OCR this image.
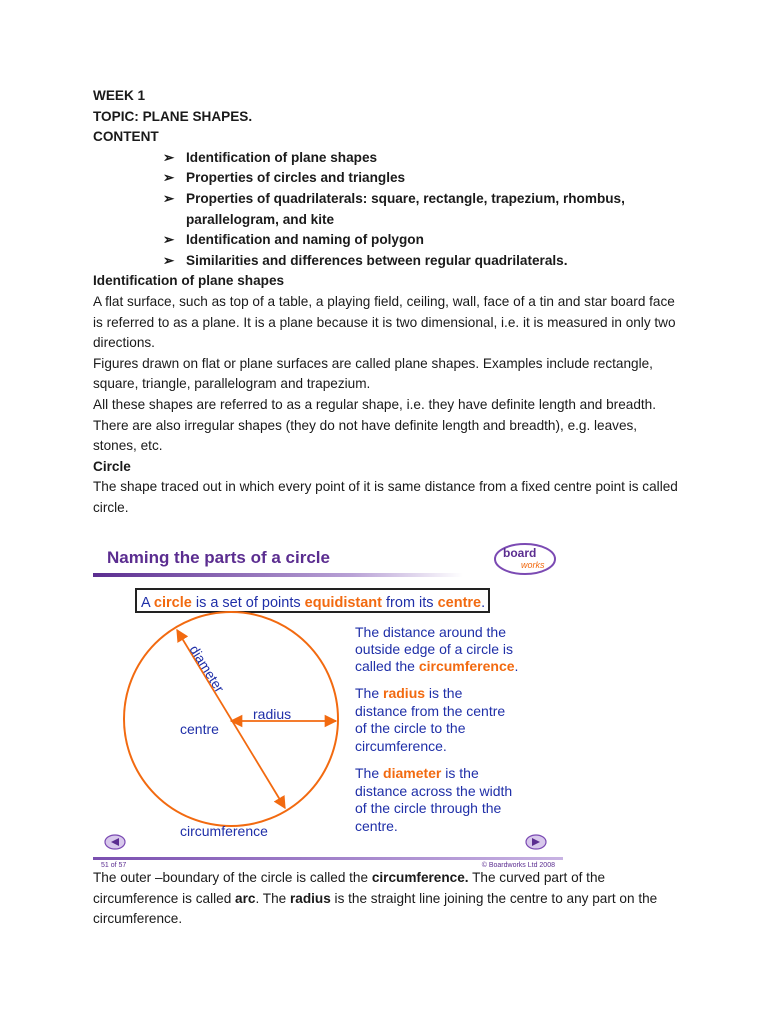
WEEK 1
TOPIC: PLANE SHAPES.
CONTENT
➢ Identification of plane shapes
➢ Properties of circles and triangles
➢ Properties of quadrilaterals: square, rectangle, trapezium, rhombus,
parallelogram, and kite
➢ Identification and naming of polygon
➢ Similarities and differences between regular quadrilaterals.
Identification of plane shapes

A flat surface, such as top of a table, a playing field, ceiling, wall, face of a tin and star board face is referred to as a plane. It is a plane because it is two dimensional, i.e. it is measured in only two directions.

Figures drawn on flat or plane surfaces are called plane shapes. Examples include rectangle, square, triangle, parallelogram and trapezium.

All these shapes are referred to as a regular shape, i.e. they have definite length and breadth.

There are also irregular shapes (they do not have definite length and breadth), e.g. leaves, stones, etc.

Circle

The shape traced out in which every point of it is same distance from a fixed centre point is called circle.

Naming the parts of a circle	board
works
A circle is a set of points equidistant from its centre.
diameter
radius
centre
circumference
The distance around the
outside edge of a circle is
called the circumference.
The radius is the
distance from the centre
of the circle to the
circumference.
The diameter is the
distance across the width
of the circle through the
centre.
51 of 57	© Boardworks Ltd 2008
The outer –boundary of the circle is called the circumference. The curved part of the circumference is called arc. The radius is the straight line joining the centre to any part on the circumference.
